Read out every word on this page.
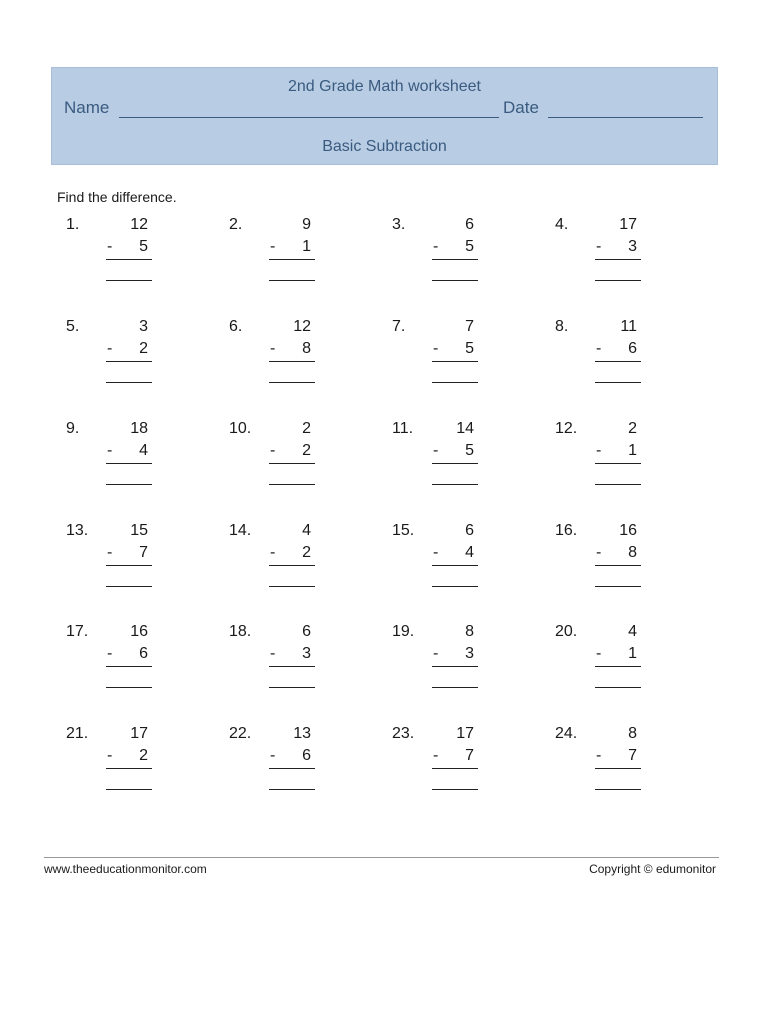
2nd Grade Math worksheet
Name	Date
Basic Subtraction
Find the difference.
1.	12
- 5
2.	9
- 1
3.	6
- 5
4.	17
- 3
5.	3
- 2
6.	12
- 8
7.	7
- 5
8.	11
- 6
9.	18
- 4
10.	2
- 2
11.	14
- 5
12.	2
- 1
13.	15
- 7
14.	4
- 2
15.	6
- 4
16.	16
- 8
17.	16
- 6
18.	6
- 3
19.	8
- 3
20.	4
- 1
21.	17
- 2
22.	13
- 6
23.	17
- 7
24.	8
- 7
www.theeducationmonitor.com	Copyright © edumonitor
